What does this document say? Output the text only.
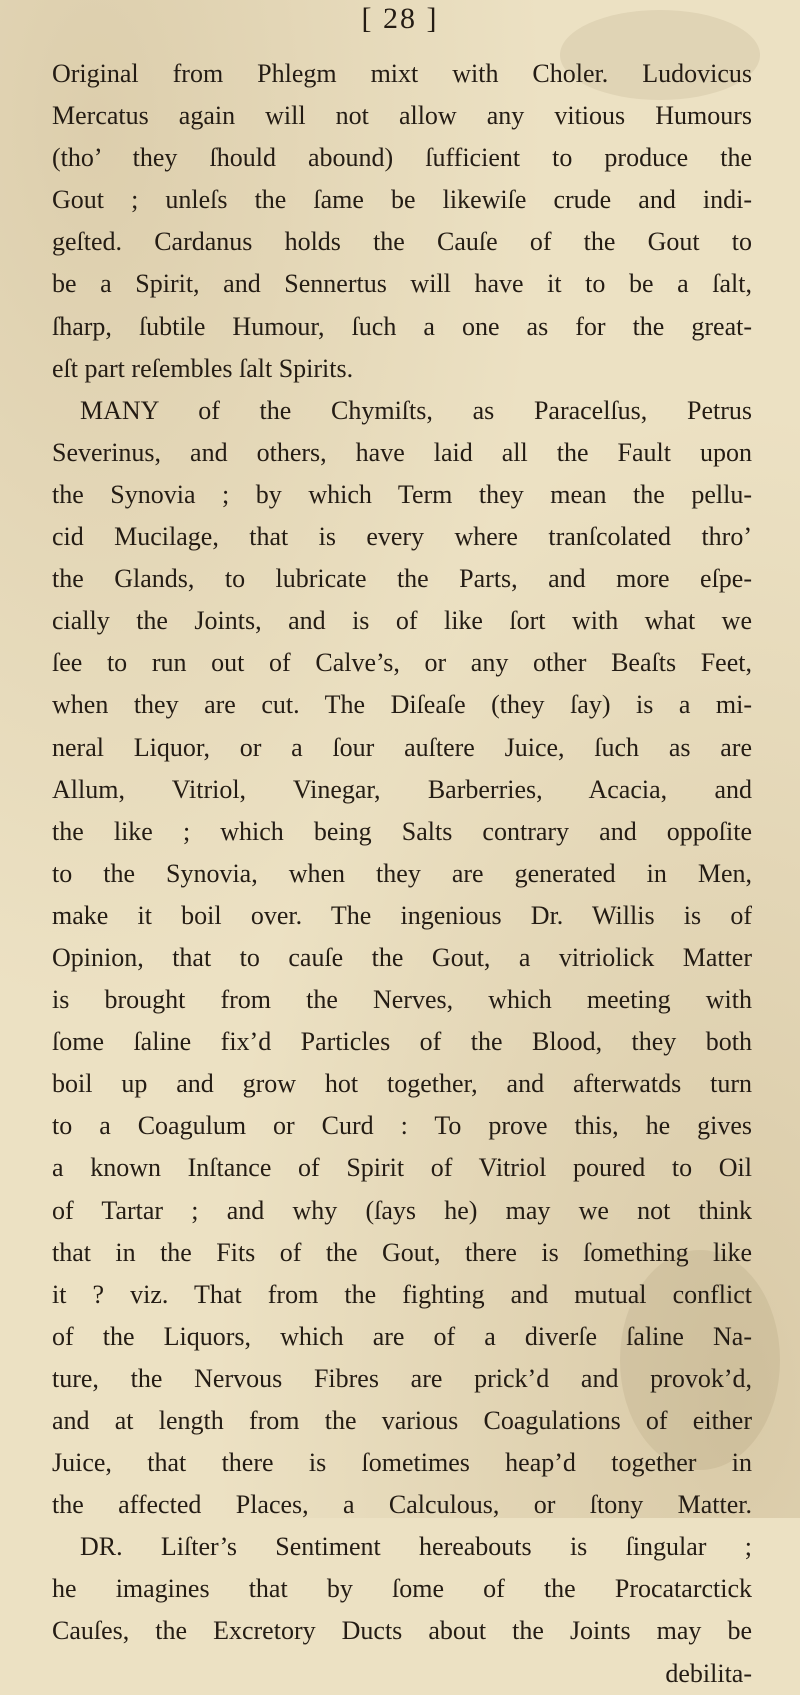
[ 28 ]
Original from Phlegm mixt with Choler. Ludovicus
Mercatus again will not allow any vitious Humours
(tho’ they ſhould abound) ſufficient to produce the
Gout ; unleſs the ſame be likewiſe crude and indi-
geſted. Cardanus holds the Cauſe of the Gout to
be a Spirit, and Sennertus will have it to be a ſalt,
ſharp, ſubtile Humour, ſuch a one as for the great-
eſt part reſembles ſalt Spirits.
MANY of the Chymiſts, as Paracelſus, Petrus
Severinus, and others, have laid all the Fault upon
the Synovia ; by which Term they mean the pellu-
cid Mucilage, that is every where tranſcolated thro’
the Glands, to lubricate the Parts, and more eſpe-
cially the Joints, and is of like ſort with what we
ſee to run out of Calve’s, or any other Beaſts Feet,
when they are cut. The Diſeaſe (they ſay) is a mi-
neral Liquor, or a ſour auſtere Juice, ſuch as are
Allum, Vitriol, Vinegar, Barberries, Acacia, and
the like ; which being Salts contrary and oppoſite
to the Synovia, when they are generated in Men,
make it boil over. The ingenious Dr. Willis is of
Opinion, that to cauſe the Gout, a vitriolick Matter
is brought from the Nerves, which meeting with
ſome ſaline fix’d Particles of the Blood, they both
boil up and grow hot together, and afterwatds turn
to a Coagulum or Curd : To prove this, he gives
a known Inſtance of Spirit of Vitriol poured to Oil
of Tartar ; and why (ſays he) may we not think
that in the Fits of the Gout, there is ſomething like
it ? viz. That from the fighting and mutual conflict
of the Liquors, which are of a diverſe ſaline Na-
ture, the Nervous Fibres are prick’d and provok’d,
and at length from the various Coagulations of either
Juice, that there is ſometimes heap’d together in
the affected Places, a Calculous, or ſtony Matter.
DR. Liſter’s Sentiment hereabouts is ſingular ;
he imagines that by ſome of the Procatarctick
Cauſes, the Excretory Ducts about the Joints may be
debilita-
